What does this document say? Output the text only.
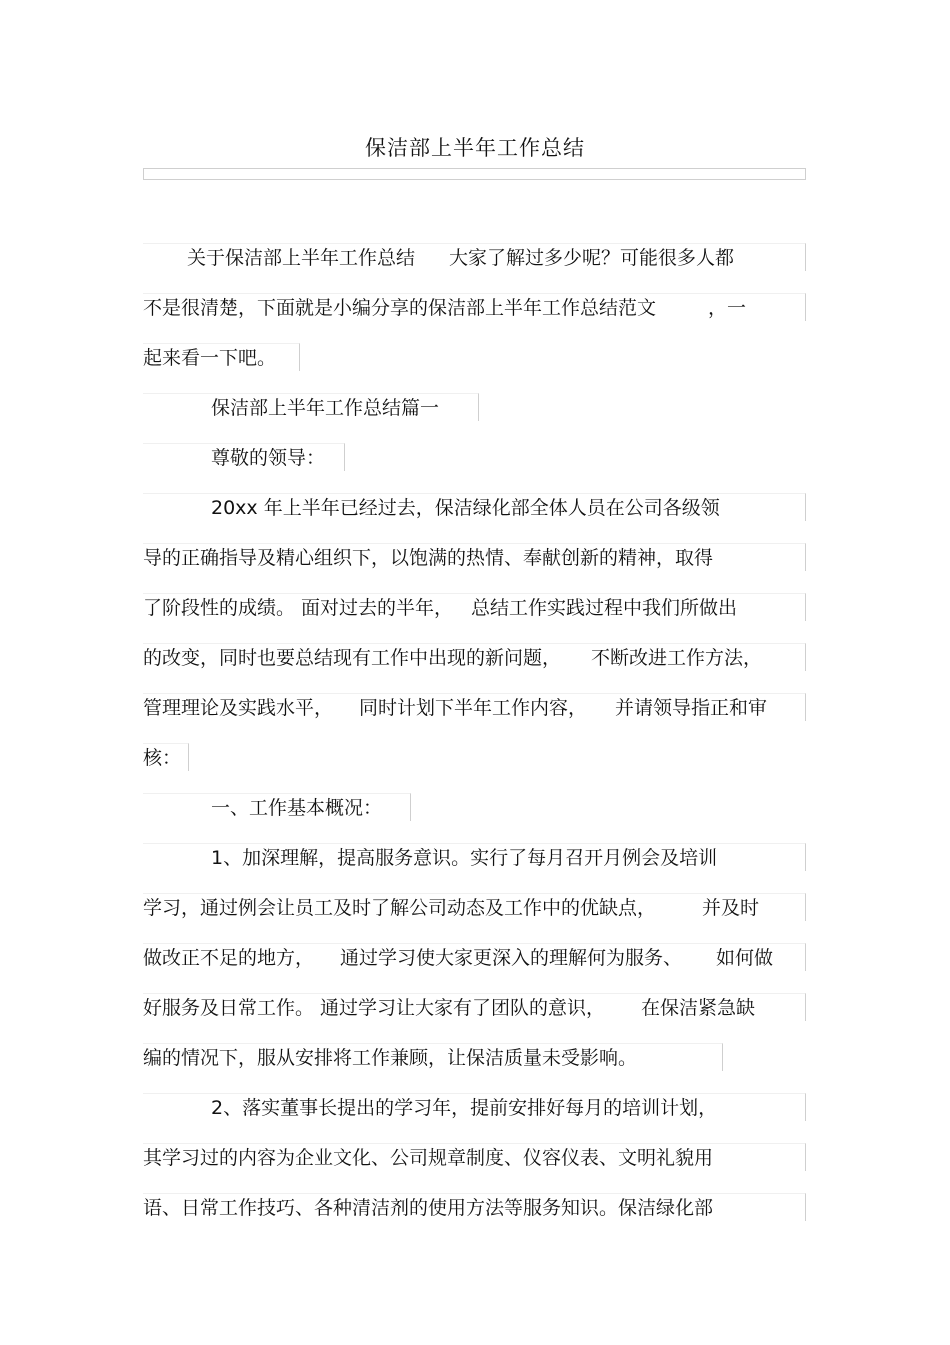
保洁部上半年工作总结
关于保洁部上半年工作总结 大家了解过多少呢？可能很多人都
不是很清楚，下面就是小编分享的保洁部上半年工作总结范文	，一
起来看一下吧。
保洁部上半年工作总结篇一
尊敬的领导：
20xx 年上半年已经过去，保洁绿化部全体人员在公司各级领
导的正确指导及精心组织下，以饱满的热情、奉献创新的精神，取得
了阶段性的成绩。 面对过去的半年， 总结工作实践过程中我们所做出
的改变，同时也要总结现有工作中出现的新问题， 不断改进工作方法，
管理理论及实践水平， 同时计划下半年工作内容， 并请领导指正和审
核：
一、工作基本概况：
1、加深理解，提高服务意识。实行了每月召开月例会及培训
学习，通过例会让员工及时了解公司动态及工作中的优缺点， 并及时
做改正不足的地方， 通过学习使大家更深入的理解何为服务、 如何做
好服务及日常工作。 通过学习让大家有了团队的意识， 在保洁紧急缺
编的情况下，服从安排将工作兼顾，让保洁质量未受影响。
2、落实董事长提出的学习年，提前安排好每月的培训计划，
其学习过的内容为企业文化、公司规章制度、仪容仪表、文明礼貌用
语、日常工作技巧、各种清洁剂的使用方法等服务知识。保洁绿化部
